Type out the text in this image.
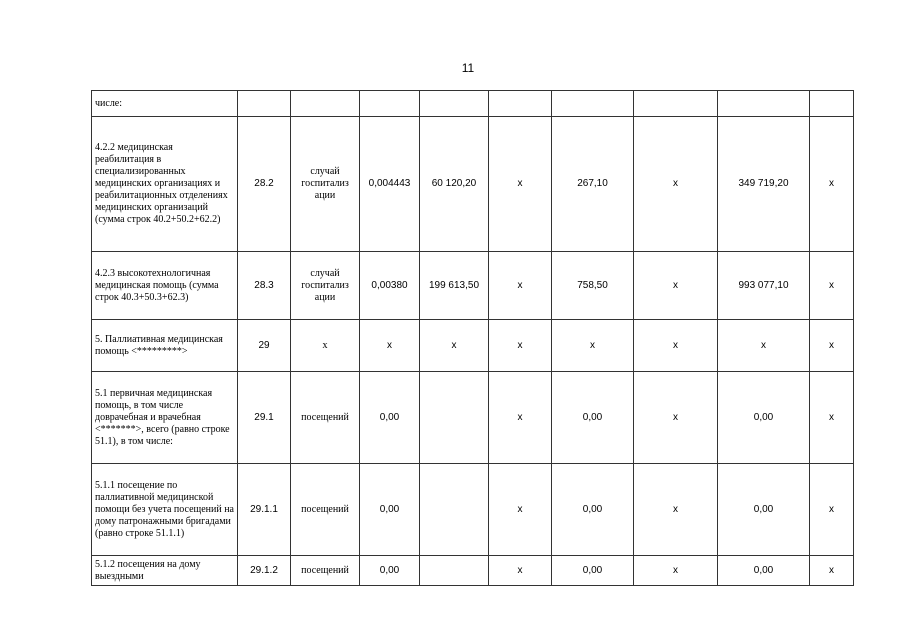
11
числе:									
4.2.2 медицинская реабилитация в специализированных медицинских организациях и реабилитационных отделениях медицинских организаций (сумма строк 40.2+50.2+62.2)	28.2	случай госпитализ ации	0,004443	60 120,20	x	267,10	x	349 719,20	x
4.2.3 высокотехнологичная медицинская помощь (сумма строк 40.3+50.3+62.3)	28.3	случай госпитализ ации	0,00380	199 613,50	x	758,50	x	993 077,10	x
5. Паллиативная медицинская помощь <*********>	29	x	x	x	x	x	x	x	x
5.1 первичная медицинская помощь, в том числе доврачебная и врачебная <*******>, всего (равно строке 51.1), в том числе:	29.1	посещений	0,00		x	0,00	x	0,00	x
5.1.1 посещение по паллиативной медицинской помощи без учета посещений на дому патронажными бригадами (равно строке 51.1.1)	29.1.1	посещений	0,00		x	0,00	x	0,00	x
5.1.2 посещения на дому выездными	29.1.2	посещений	0,00		x	0,00	x	0,00	x
